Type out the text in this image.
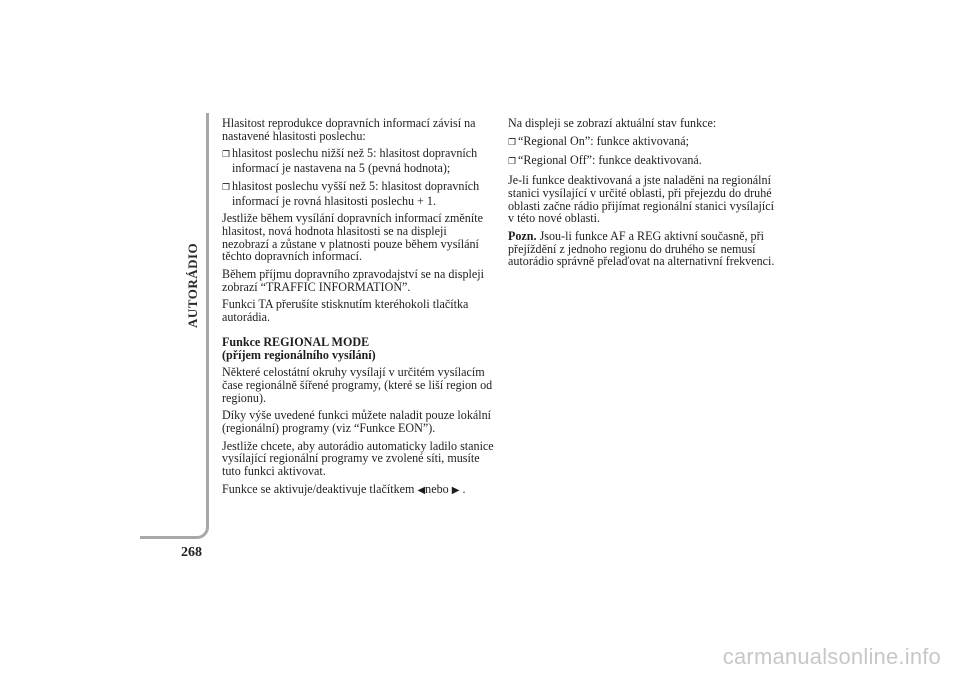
AUTORÁDIO
268

Hlasitost reprodukce dopravních informací závisí na nastavené hlasitosti poslechu:

❐ hlasitost poslechu nižší než 5: hlasitost dopravních informací je nastavena na 5 (pevná hodnota);

❐ hlasitost poslechu vyšší než 5: hlasitost dopravních informací je rovná hlasitosti poslechu + 1.

Jestliže během vysílání dopravních informací změníte hlasitost, nová hodnota hlasitosti se na displeji nezobrazí a zůstane v platnosti pouze během vysílání těchto dopravních informací.

Během příjmu dopravního zpravodajství se na displeji zobrazí “TRAFFIC INFORMATION”.

Funkci TA přerušíte stisknutím kteréhokoli tlačítka autorádia.

Funkce REGIONAL MODE
(příjem regionálního vysílání)

Některé celostátní okruhy vysílají v určitém vysílacím čase regionálně šířené programy, (které se liší region od regionu).

Díky výše uvedené funkci můžete naladit pouze lokální (regionální) programy (viz “Funkce EON”).

Jestliže chcete, aby autorádio automaticky ladilo stanice vysílající regionální programy ve zvolené síti, musíte tuto funkci aktivovat.

Funkce se aktivuje/deaktivuje tlačítkem ◀nebo ▶ .

Na displeji se zobrazí aktuální stav funkce:

❐ “Regional On”: funkce aktivovaná;

❐ “Regional Off”: funkce deaktivovaná.

Je-li funkce deaktivovaná a jste naladěni na regionální stanici vysílající v určité oblasti, při přejezdu do druhé oblasti začne rádio přijímat regionální stanici vysílající v této nové oblasti.

Pozn. Jsou-li funkce AF a REG aktivní současně, při přejíždění z jednoho regionu do druhého se nemusí autorádio správně přelaďovat na alternativní frekvenci.

carmanualsonline.info
